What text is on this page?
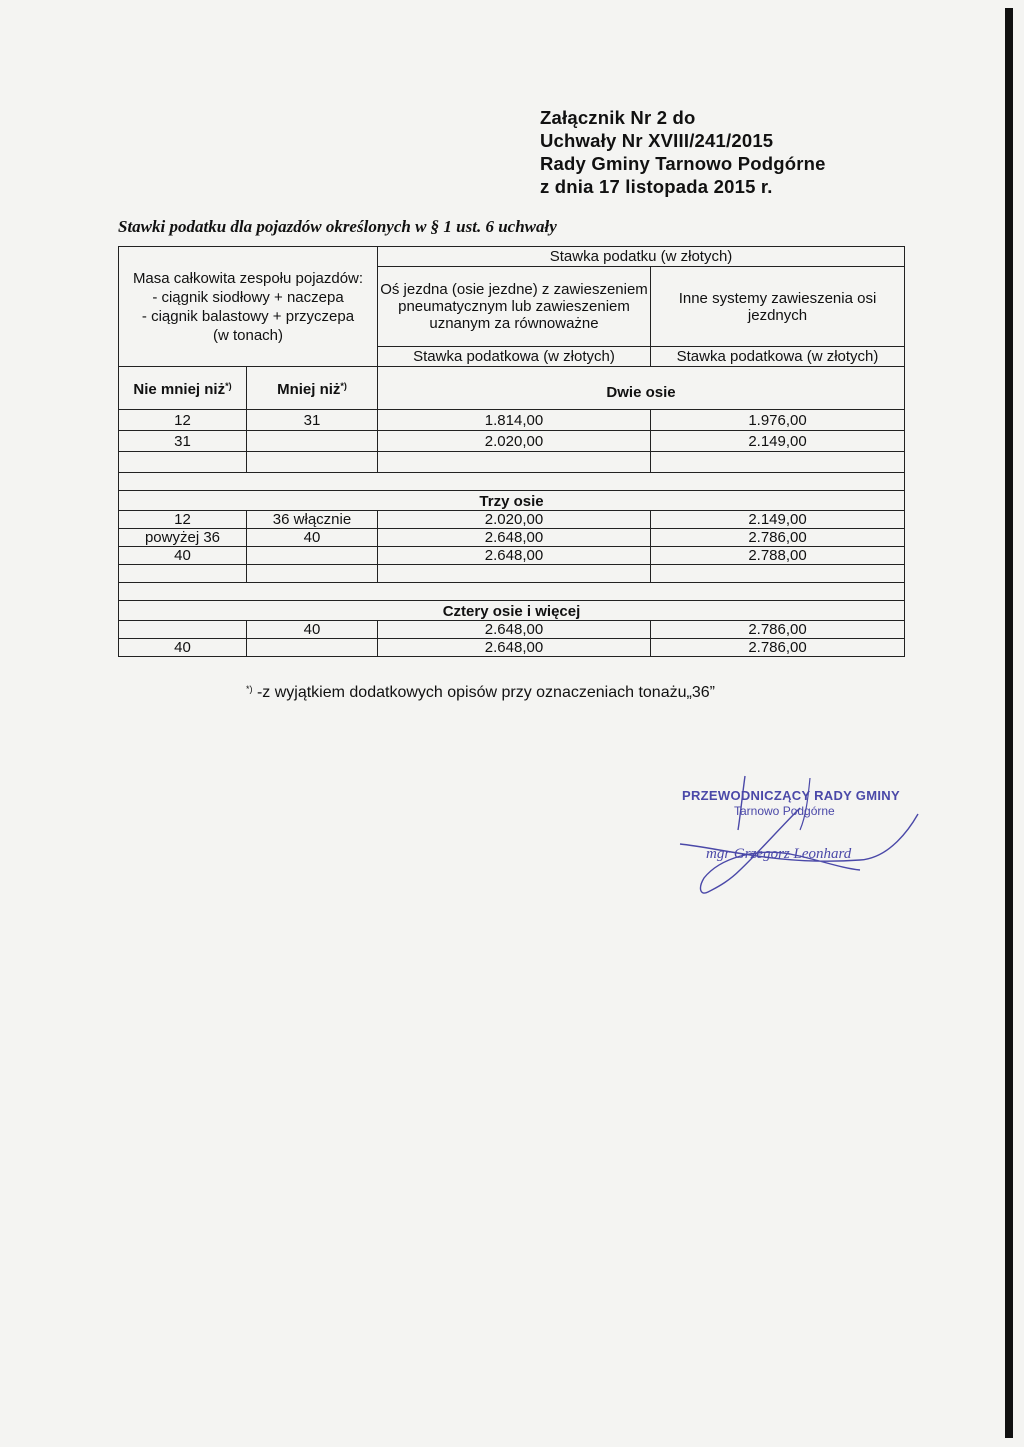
Załącznik Nr 2 do
Uchwały Nr XVIII/241/2015
Rady Gminy Tarnowo Podgórne
z dnia 17 listopada 2015 r.
Stawki podatku dla pojazdów określonych w § 1 ust. 6 uchwały
Masa całkowita zespołu pojazdów:
- ciągnik siodłowy + naczepa
- ciągnik balastowy + przyczepa
(w tonach)		Stawka podatku (w złotych)	
		Oś jezdna (osie jezdne) z zawieszeniem pneumatycznym lub zawieszeniem uznanym za równoważne	Inne systemy zawieszenia osi jezdnych
		Stawka podatkowa (w złotych)	Stawka podatkowa (w złotych)
Nie mniej niż*)	Mniej niż*)	Dwie osie	
12	31	1.814,00	1.976,00
31		2.020,00	2.149,00

Trzy osie			
12	36 włącznie	2.020,00	2.149,00
powyżej 36	40	2.648,00	2.786,00
40		2.648,00	2.788,00

Cztery osie i więcej			
	40	2.648,00	2.786,00
40		2.648,00	2.786,00
*) -z wyjątkiem dodatkowych opisów przy oznaczeniach tonażu„36”
PRZEWODNICZĄCY RADY GMINY
Tarnowo Podgórne
mgr Grzegorz Leonhard
